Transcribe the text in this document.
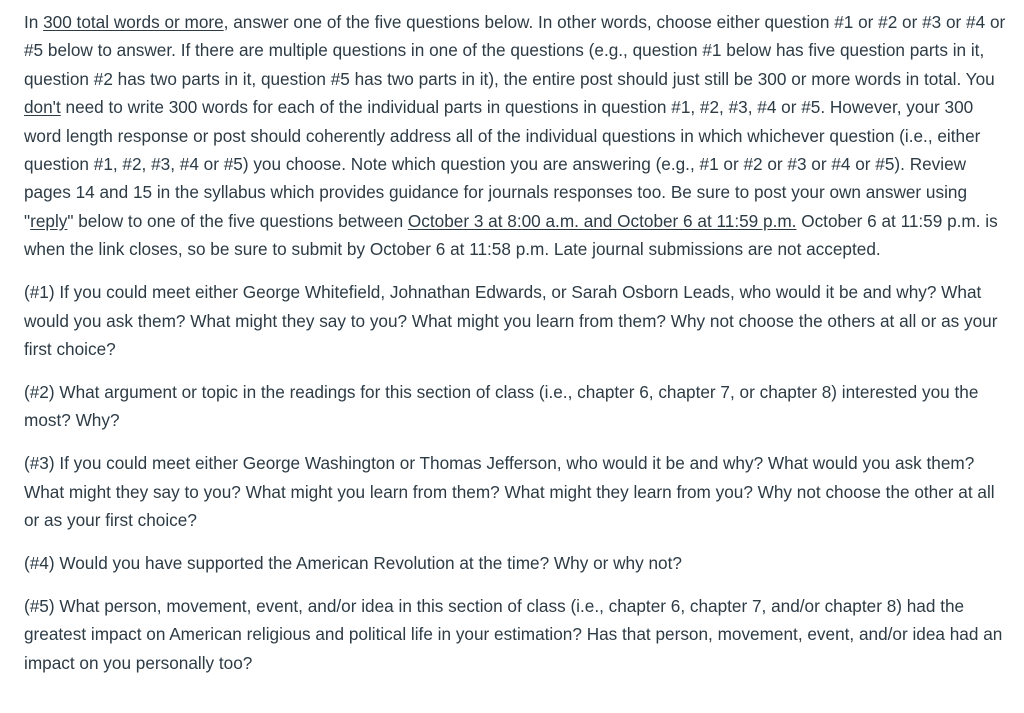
In 300 total words or more, answer one of the five questions below. In other words, choose either question #1 or #2 or #3 or #4 or #5 below to answer. If there are multiple questions in one of the questions (e.g., question #1 below has five question parts in it, question #2 has two parts in it, question #5 has two parts in it), the entire post should just still be 300 or more words in total. You don't need to write 300 words for each of the individual parts in questions in question #1, #2, #3, #4 or #5. However, your 300 word length response or post should coherently address all of the individual questions in which whichever question (i.e., either question #1, #2, #3, #4 or #5) you choose. Note which question you are answering (e.g., #1 or #2 or #3 or #4 or #5). Review pages 14 and 15 in the syllabus which provides guidance for journals responses too. Be sure to post your own answer using "reply" below to one of the five questions between October 3 at 8:00 a.m. and October 6 at 11:59 p.m. October 6 at 11:59 p.m. is when the link closes, so be sure to submit by October 6 at 11:58 p.m. Late journal submissions are not accepted.

(#1) If you could meet either George Whitefield, Johnathan Edwards, or Sarah Osborn Leads, who would it be and why? What would you ask them? What might they say to you? What might you learn from them? Why not choose the others at all or as your first choice?

(#2) What argument or topic in the readings for this section of class (i.e., chapter 6, chapter 7, or chapter 8) interested you the most? Why?

(#3) If you could meet either George Washington or Thomas Jefferson, who would it be and why? What would you ask them? What might they say to you? What might you learn from them? What might they learn from you? Why not choose the other at all or as your first choice?

(#4) Would you have supported the American Revolution at the time? Why or why not?

(#5) What person, movement, event, and/or idea in this section of class (i.e., chapter 6, chapter 7, and/or chapter 8) had the greatest impact on American religious and political life in your estimation? Has that person, movement, event, and/or idea had an impact on you personally too?
